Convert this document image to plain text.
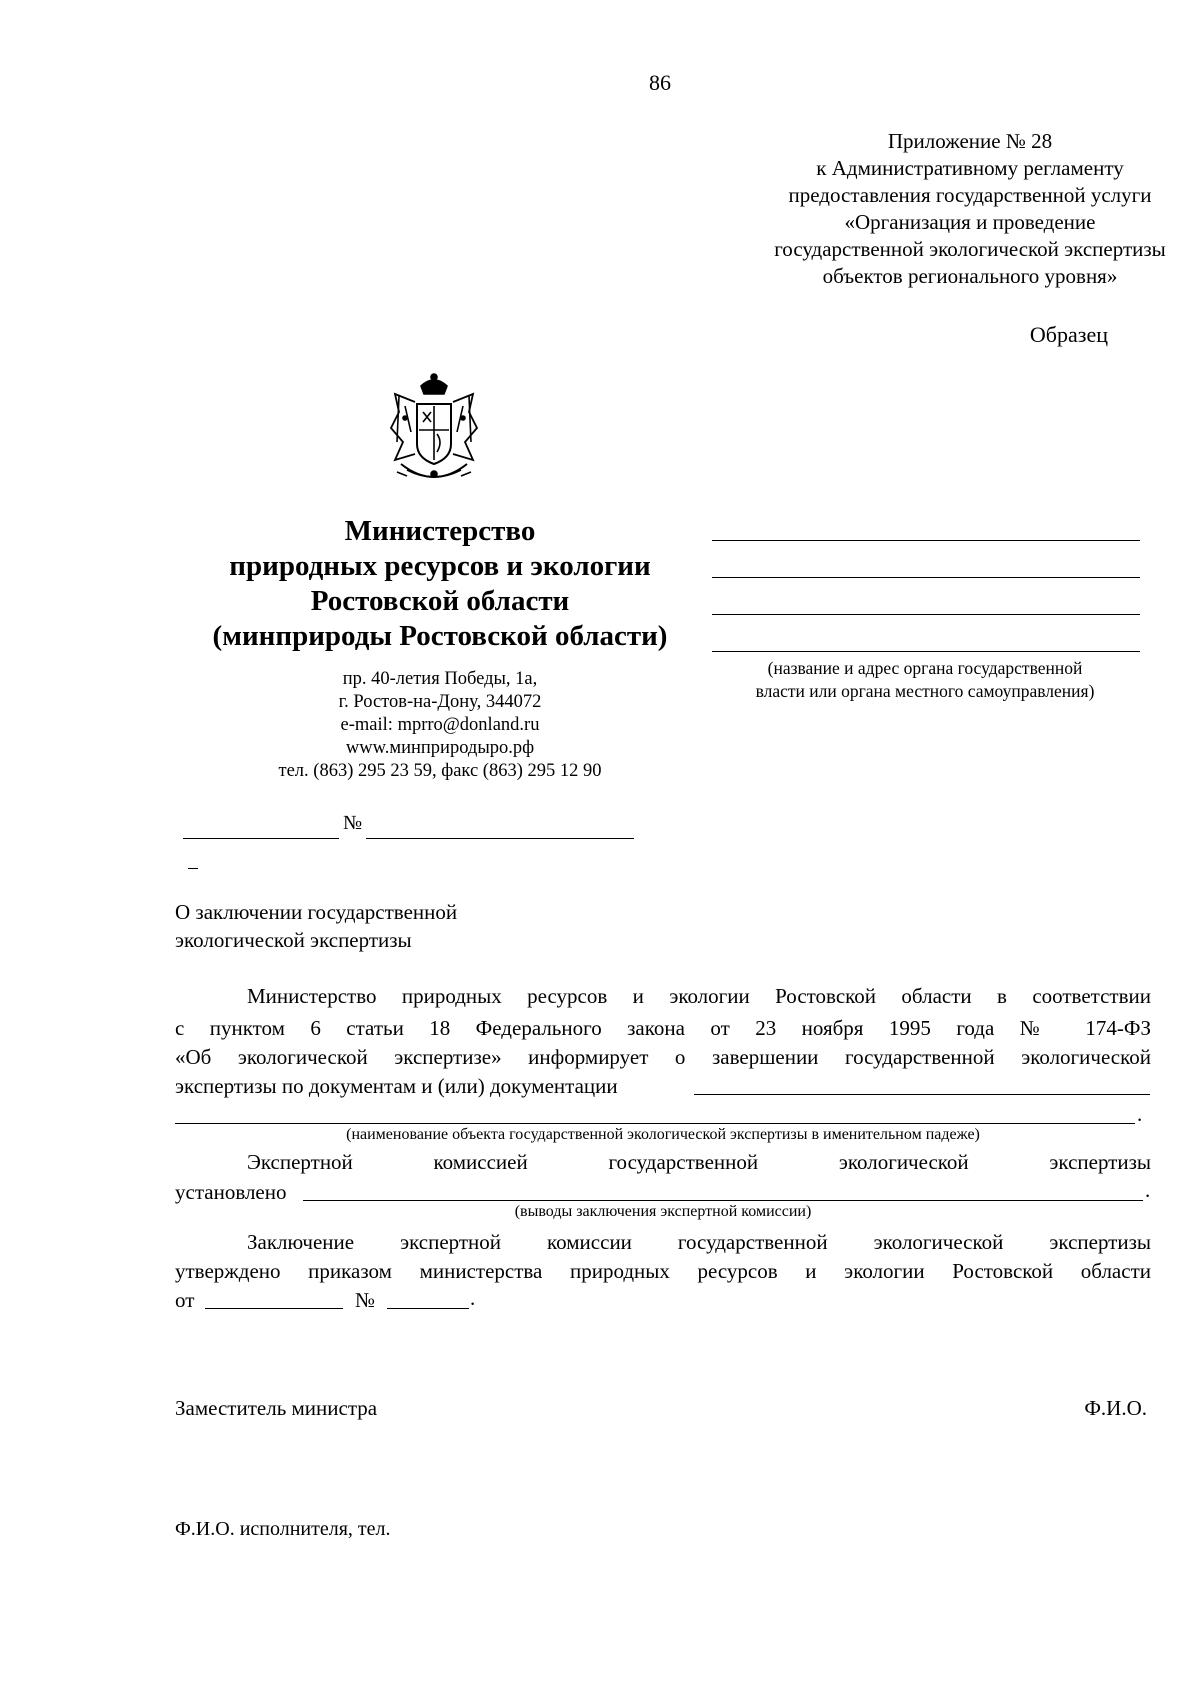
86
Приложение № 28
к Административному регламенту
предоставления государственной услуги
«Организация и проведение
государственной экологической экспертизы
объектов регионального уровня»
Образец
Министерство
природных ресурсов и экологии
Ростовской области
(минприроды Ростовской области)
пр. 40-летия Победы, 1а,
г. Ростов-на-Дону, 344072
e-mail: mprro@donland.ru
www.минприродыро.рф
тел. (863) 295 23 59, факс (863) 295 12 90
(название и адрес органа государственной
власти или органа местного самоуправления)
№
О заключении государственной
экологической экспертизы
Министерство природных ресурсов и экологии Ростовской области в соответствии
с пунктом 6 статьи 18 Федерального закона от 23 ноября 1995 года № 174-ФЗ
«Об экологической экспертизе» информирует о завершении государственной экологической
экспертизы по документам и (или) документации
.
(наименование объекта государственной экологической экспертизы в именительном падеже)
Экспертной комиссией государственной экологической экспертизы
установлено	.
(выводы заключения экспертной комиссии)
Заключение экспертной комиссии государственной экологической экспертизы
утверждено приказом министерства природных ресурсов и экологии Ростовской области
от	№	.
Заместитель министра	Ф.И.О.
Ф.И.О. исполнителя, тел.
